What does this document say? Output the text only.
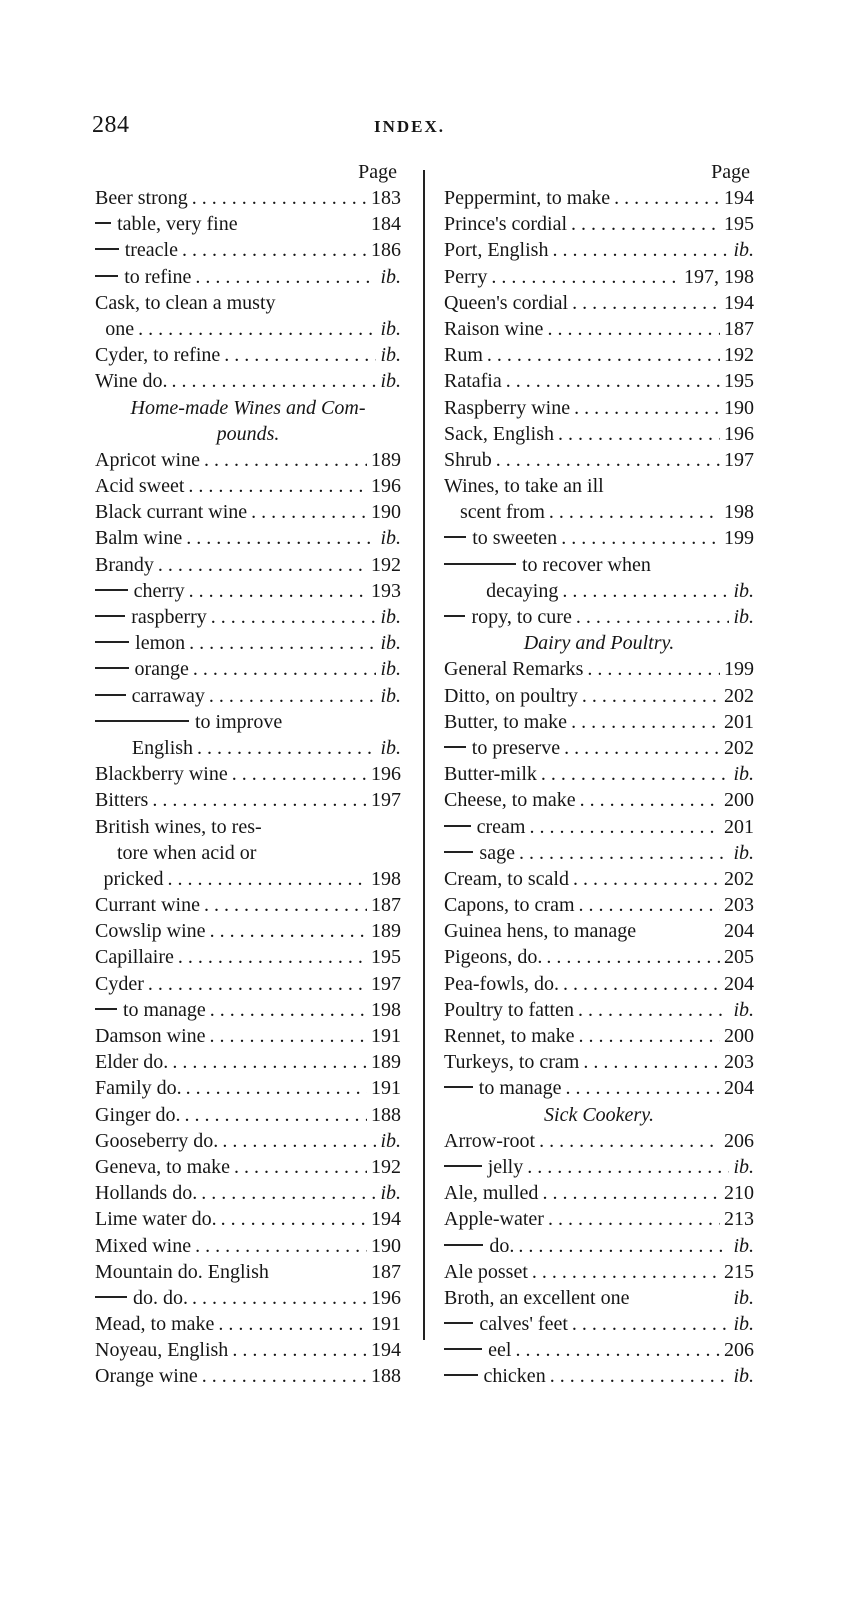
284	INDEX.
Page
Beer strong . . .	183
table, very fine	184
treacle . . .	186
to refine . . .	ib.
Cask, to clean a musty
one . . .	ib.
Cyder, to refine . . .	ib.
Wine do. . . .	ib.
Home-made Wines and Com-
pounds.
Apricot wine . . .	189
Acid sweet . . .	196
Black currant wine . . .	190
Balm wine . . .	ib.
Brandy . . .	192
cherry . . .	193
raspberry . . .	ib.
lemon . . .	ib.
orange . . .	ib.
carraway . . .	ib.
to improve
English . . .	ib.
Blackberry wine . . .	196
Bitters . . .	197
British wines, to res-
tore when acid or
pricked . . .	198
Currant wine . . .	187
Cowslip wine . . .	189
Capillaire . . .	195
Cyder . . .	197
to manage . . .	198
Damson wine . . .	191
Elder do. . . .	189
Family do. . . .	191
Ginger do. . . .	188
Gooseberry do. . . .	ib.
Geneva, to make . . .	192
Hollands do. . . .	ib.
Lime water do. . . .	194
Mixed wine . . .	190
Mountain do. English	187
do. do. . . .	196
Mead, to make . . .	191
Noyeau, English . . .	194
Orange wine . . .	188
Page
Peppermint, to make . . .	194
Prince's cordial . . .	195
Port, English . . .	ib.
Perry . . .	197, 198
Queen's cordial . . .	194
Raison wine . . .	187
Rum . . .	192
Ratafia . . .	195
Raspberry wine . . .	190
Sack, English . . .	196
Shrub . . .	197
Wines, to take an ill
scent from . . .	198
to sweeten . . .	199
to recover when
decaying . . .	ib.
ropy, to cure . . .	ib.
Dairy and Poultry.
General Remarks . . .	199
Ditto, on poultry . . .	202
Butter, to make . . .	201
to preserve . . .	202
Butter-milk . . .	ib.
Cheese, to make . . .	200
cream . . .	201
sage . . .	ib.
Cream, to scald . . .	202
Capons, to cram . . .	203
Guinea hens, to manage	204
Pigeons, do. . . .	205
Pea-fowls, do. . . .	204
Poultry to fatten . . .	ib.
Rennet, to make . . .	200
Turkeys, to cram . . .	203
to manage . . .	204
Sick Cookery.
Arrow-root . . .	206
jelly . . .	ib.
Ale, mulled . . .	210
Apple-water . . .	213
do. . . .	ib.
Ale posset . . .	215
Broth, an excellent one	ib.
calves' feet . . .	ib.
eel . . .	206
chicken . . .	ib.
